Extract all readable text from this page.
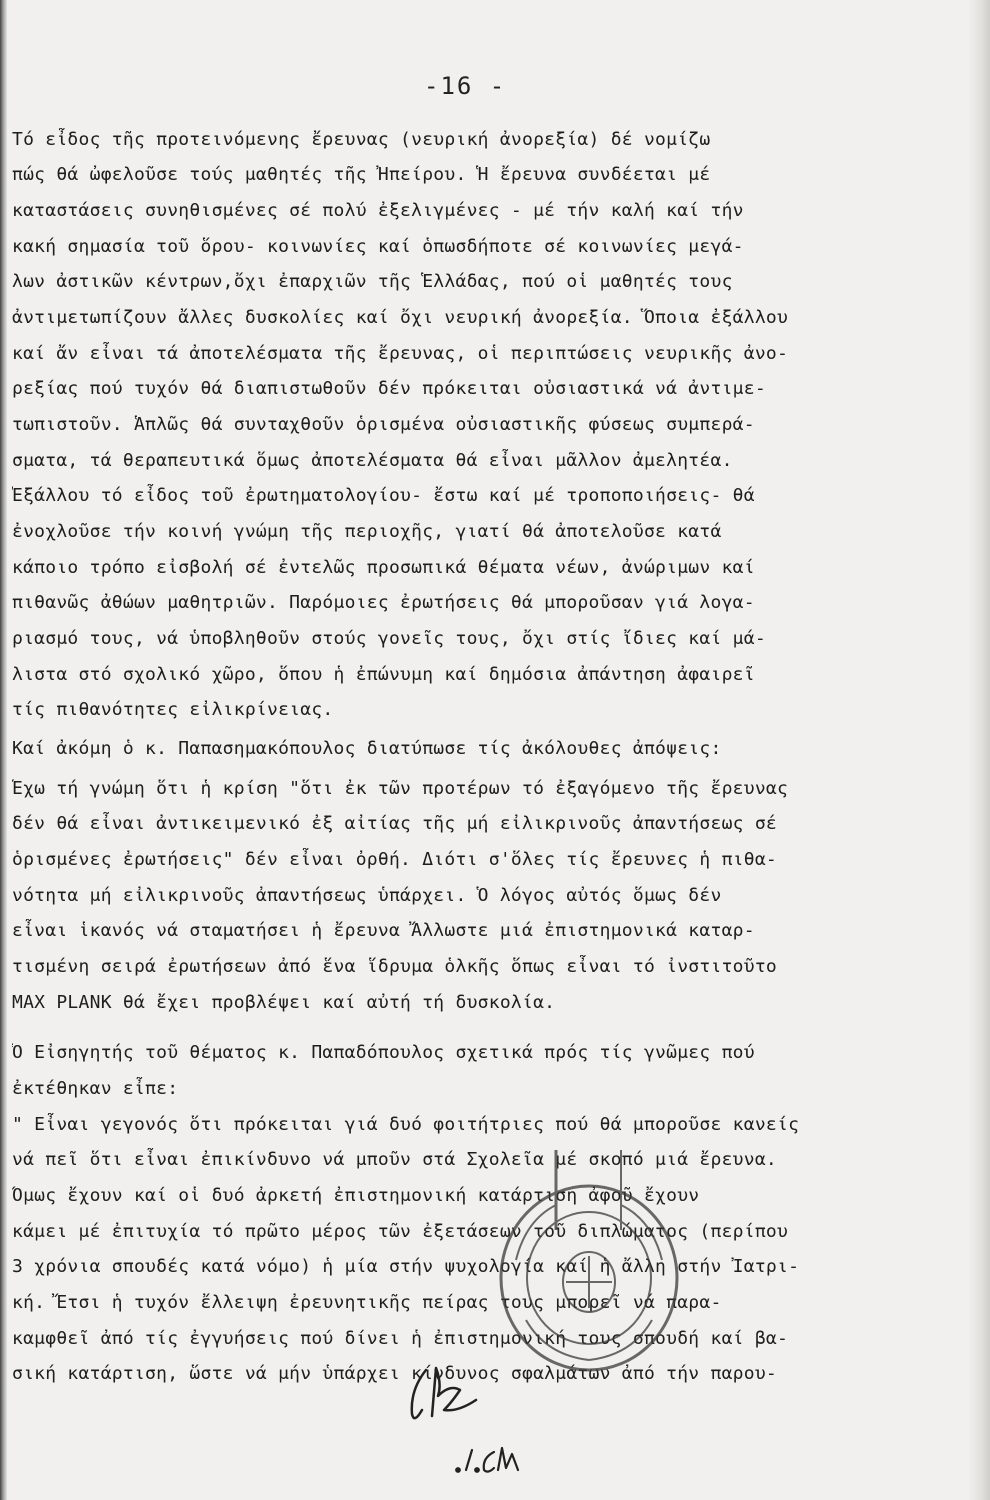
-16 -
Τό εἶδος τῆς προτεινόμενης ἔρευνας (νευρική ἀνορεξία) δέ νομίζω
πώς θά ὠφελοῦσε τούς μαθητές τῆς Ἠπείρου. Ἡ ἔρευνα συνδέεται μέ
καταστάσεις συνηθισμένες σέ πολύ ἐξελιγμένες - μέ τήν καλή καί τήν
κακή σημασία τοῦ ὅρου- κοινωνίες καί ὁπωσδήποτε σέ κοινωνίες μεγά-
λων ἀστικῶν κέντρων,ὄχι ἐπαρχιῶν τῆς Ἑλλάδας, πού οἱ μαθητές τους
ἀντιμετωπίζουν ἄλλες δυσκολίες καί ὄχι νευρική ἀνορεξία. Ὅποια ἐξάλλου
καί ἄν εἶναι τά ἀποτελέσματα τῆς ἔρευνας, οἱ περιπτώσεις νευρικῆς ἀνο-
ρεξίας πού τυχόν θά διαπιστωθοῦν δέν πρόκειται οὐσιαστικά νά ἀντιμε-
τωπιστοῦν. Ἁπλῶς θά συνταχθοῦν ὁρισμένα οὐσιαστικῆς φύσεως συμπερά-
σματα, τά θεραπευτικά ὅμως ἀποτελέσματα θά εἶναι μᾶλλον ἀμελητέα.
Ἐξάλλου τό εἶδος τοῦ ἐρωτηματολογίου- ἔστω καί μέ τροποποιήσεις- θά
ἐνοχλοῦσε τήν κοινή γνώμη τῆς περιοχῆς, γιατί θά ἀποτελοῦσε κατά
κάποιο τρόπο εἰσβολή σέ ἐντελῶς προσωπικά θέματα νέων, ἀνώριμων καί
πιθανῶς ἀθώων μαθητριῶν. Παρόμοιες ἐρωτήσεις θά μποροῦσαν γιά λογα-
ριασμό τους, νά ὑποβληθοῦν στούς γονεῖς τους, ὄχι στίς ἴδιες καί μά-
λιστα στό σχολικό χῶρο, ὅπου ἡ ἐπώνυμη καί δημόσια ἀπάντηση ἀφαιρεῖ
τίς πιθανότητες εἰλικρίνειας.
Καί ἀκόμη ὁ κ. Παπασημακόπουλος διατύπωσε τίς ἀκόλουθες ἀπόψεις:
Ἔχω τή γνώμη ὅτι ἡ κρίση "ὅτι ἐκ τῶν προτέρων τό ἐξαγόμενο τῆς ἔρευνας
δέν θά εἶναι ἀντικειμενικό ἐξ αἰτίας τῆς μή εἰλικρινοῦς ἀπαντήσεως σέ
ὁρισμένες ἐρωτήσεις" δέν εἶναι ὀρθή. Διότι σ'ὅλες τίς ἔρευνες ἡ πιθα-
νότητα μή εἰλικρινοῦς ἀπαντήσεως ὑπάρχει. Ὁ λόγος αὐτός ὅμως δέν
εἶναι ἱκανός νά σταματήσει ἡ ἔρευνα Ἄλλωστε μιά ἐπιστημονικά καταρ-
τισμένη σειρά ἐρωτήσεων ἀπό ἕνα ἵδρυμα ὁλκῆς ὅπως εἶναι τό ἰνστιτοῦτο
MAX PLANK θά ἔχει προβλέψει καί αὐτή τή δυσκολία.
Ὁ Εἰσηγητής τοῦ θέματος κ. Παπαδόπουλος σχετικά πρός τίς γνῶμες πού
ἐκτέθηκαν εἶπε:
" Εἶναι γεγονός ὅτι πρόκειται γιά δυό φοιτήτριες πού θά μποροῦσε κανείς
νά πεῖ ὅτι εἶναι ἐπικίνδυνο νά μποῦν στά Σχολεῖα μέ σκοπό μιά ἔρευνα.
Ὅμως ἔχουν καί οἱ δυό ἀρκετή ἐπιστημονική κατάρτιση ἀφοῦ ἔχουν
κάμει μέ ἐπιτυχία τό πρῶτο μέρος τῶν ἐξετάσεων τοῦ διπλώματος (περίπου
3 χρόνια σπουδές κατά νόμο) ἡ μία στήν ψυχολογία καί ἡ ἄλλη στήν Ἰατρι-
κή. Ἔτσι ἡ τυχόν ἔλλειψη ἐρευνητικῆς πείρας τους μπορεῖ νά παρα-
καμφθεῖ ἀπό τίς ἐγγυήσεις πού δίνει ἡ ἐπιστημονική τους σπουδή καί βα-
σική κατάρτιση, ὥστε νά μήν ὑπάρχει κίνδυνος σφαλμάτων ἀπό τήν παρου-
